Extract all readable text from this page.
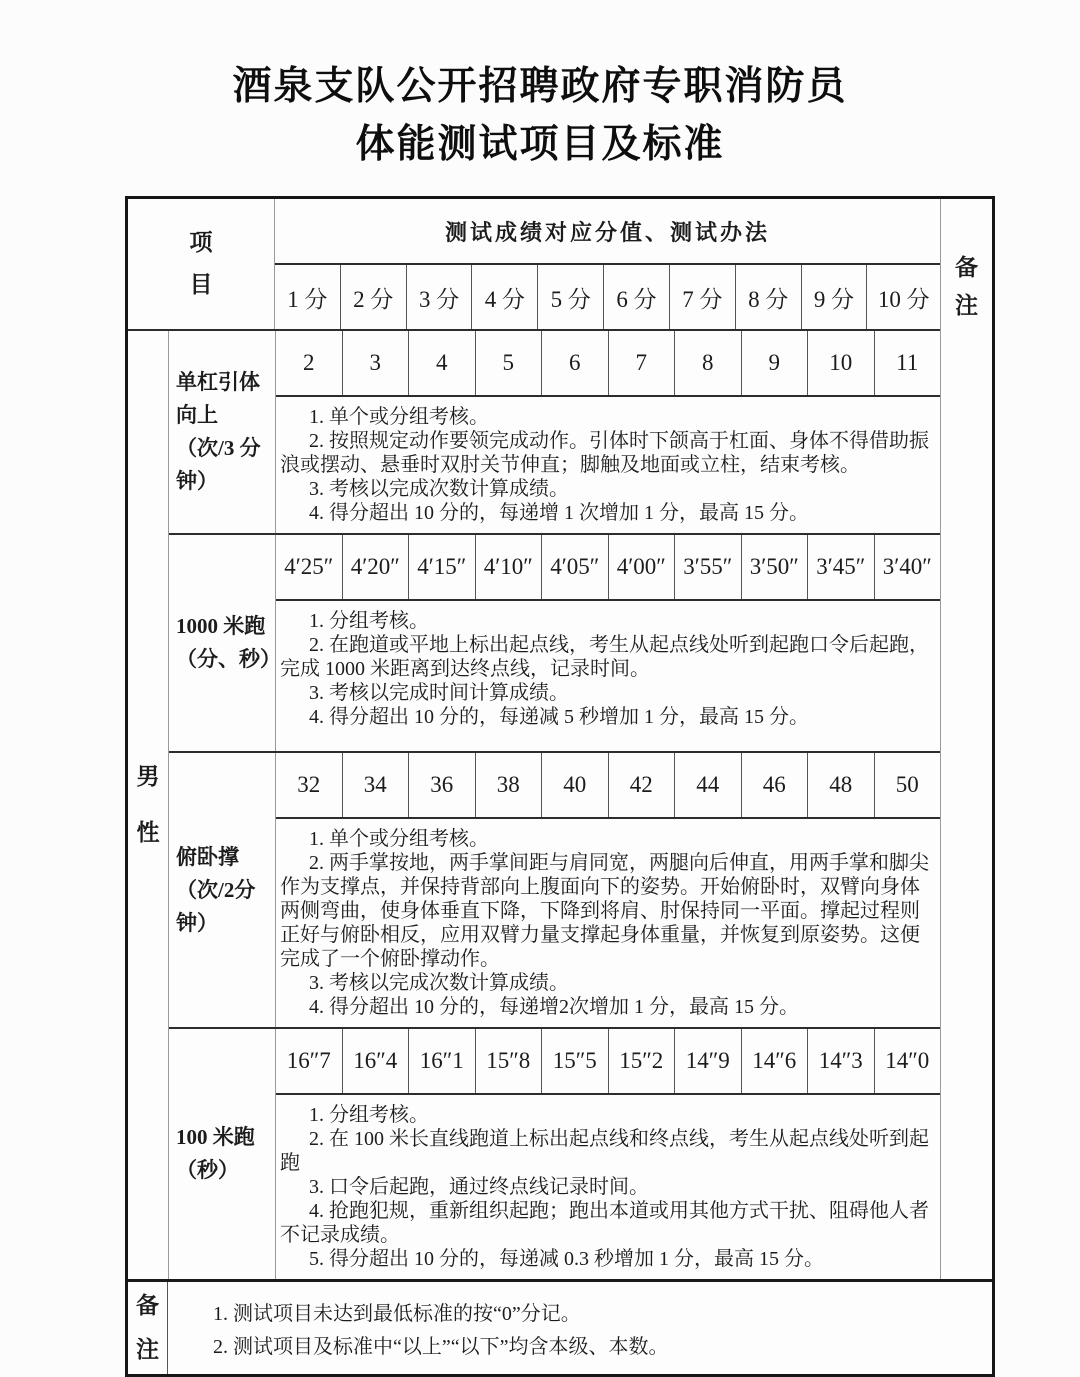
酒泉支队公开招聘政府专职消防员
体能测试项目及标准
项目
测试成绩对应分值、测试办法
1 分	2 分	3 分	4 分	5 分	6 分	7 分	8 分	9 分	10 分
男性
单杠引体向上（次/3 分钟）
2	3	4	5	6	7	8	9	10	11
1. 单个或分组考核。
2. 按照规定动作要领完成动作。引体时下颌高于杠面、身体不得借助振浪或摆动、悬垂时双肘关节伸直；脚触及地面或立柱，结束考核。
3. 考核以完成次数计算成绩。
4. 得分超出 10 分的，每递增 1 次增加 1 分，最高 15 分。
1000 米跑（分、秒）
4′25″ 4′20″ 4′15″ 4′10″ 4′05″ 4′00″ 3′55″ 3′50″ 3′45″ 3′40″
1. 分组考核。
2. 在跑道或平地上标出起点线，考生从起点线处听到起跑口令后起跑，完成 1000 米距离到达终点线，记录时间。
3. 考核以完成时间计算成绩。
4. 得分超出 10 分的，每递减 5 秒增加 1 分，最高 15 分。
俯卧撑（次/2分钟）
32	34	36	38	40	42	44	46	48	50
1. 单个或分组考核。
2. 两手掌按地，两手掌间距与肩同宽，两腿向后伸直，用两手掌和脚尖作为支撑点，并保持背部向上腹面向下的姿势。开始俯卧时，双臂向身体两侧弯曲，使身体垂直下降，下降到将肩、肘保持同一平面。撑起过程则正好与俯卧相反，应用双臂力量支撑起身体重量，并恢复到原姿势。这便完成了一个俯卧撑动作。
3. 考核以完成次数计算成绩。
4. 得分超出 10 分的，每递增2次增加 1 分，最高 15 分。
100 米跑（秒）
16″7 16″4 16″1 15″8 15″5 15″2 14″9 14″6 14″3 14″0
1. 分组考核。
2. 在 100 米长直线跑道上标出起点线和终点线，考生从起点线处听到起跑
3. 口令后起跑，通过终点线记录时间。
4. 抢跑犯规，重新组织起跑；跑出本道或用其他方式干扰、阻碍他人者不记录成绩。
5. 得分超出 10 分的，每递减 0.3 秒增加 1 分，最高 15 分。
备注
备注
1. 测试项目未达到最低标准的按“0”分记。
2. 测试项目及标准中“以上”“以下”均含本级、本数。
